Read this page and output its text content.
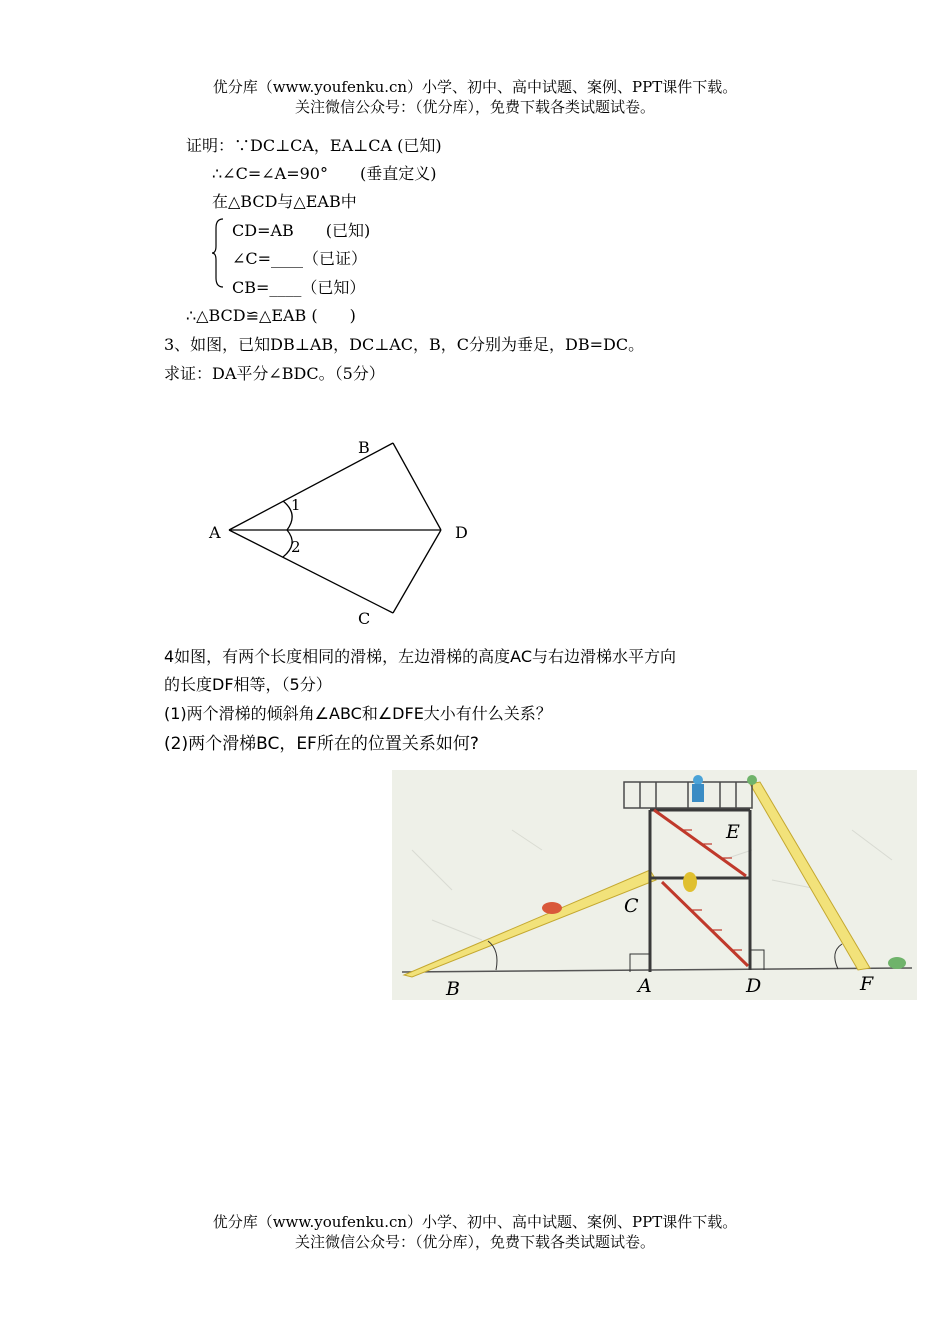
优分库（www.youfenku.cn）小学、初中、高中试题、案例、PPT课件下载。
关注微信公众号：（优分库），免费下载各类试题试卷。
证明：∵DC⊥CA，EA⊥CA (已知)
∴∠C=∠A=90°　　(垂直定义)
在△BCD与△EAB中
CD=AB　　(已知)
∠C=____（已证）
CB=____（已知）
∴△BCD≌△EAB (　　)
3、如图，已知DB⊥AB，DC⊥AC，B，C分别为垂足，DB=DC。
求证：DA平分∠BDC。（5分）
B
A	D
C
1
2
4如图，有两个长度相同的滑梯，左边滑梯的高度AC与右边滑梯水平方向
的长度DF相等，（5分）
(1)两个滑梯的倾斜角∠ABC和∠DFE大小有什么关系？
(2)两个滑梯BC，EF所在的位置关系如何?
B	A	D	F
C
E
优分库（www.youfenku.cn）小学、初中、高中试题、案例、PPT课件下载。
关注微信公众号：（优分库），免费下载各类试题试卷。
